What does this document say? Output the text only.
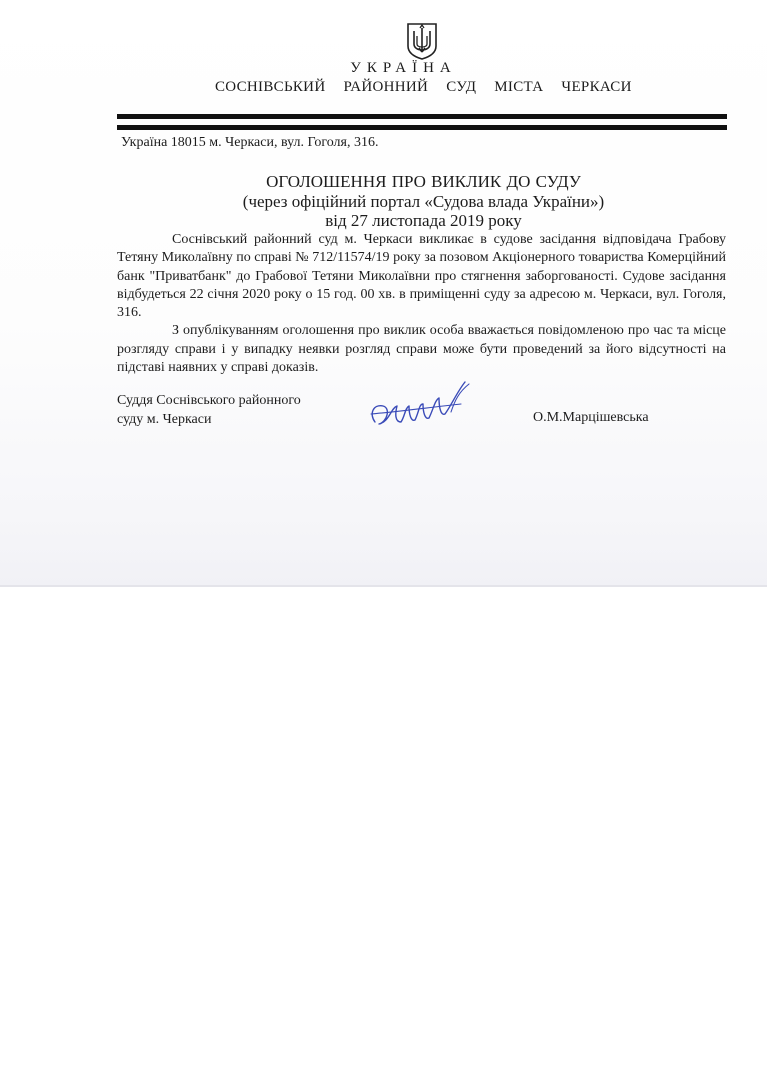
УКРАЇНА
СОСНІВСЬКИЙ РАЙОННИЙ СУД МІСТА ЧЕРКАСИ
Україна 18015 м. Черкаси, вул. Гоголя, 316.
ОГОЛОШЕННЯ ПРО ВИКЛИК ДО СУДУ
(через офіційний портал «Судова влада України»)
від 27 листопада 2019 року

Соснівський районний суд м. Черкаси викликає в судове засідання відповідача Грабову Тетяну Миколаївну по справі № 712/11574/19 року за позовом Акціонерного товариства Комерційний банк "Приватбанк" до Грабової Тетяни Миколаївни про стягнення заборгованості. Судове засідання відбудеться 22 січня 2020 року о 15 год. 00 хв. в приміщенні суду за адресою м. Черкаси, вул. Гоголя, 316.

З опублікуванням оголошення про виклик особа вважається повідомленою про час та місце розгляду справи і у випадку неявки розгляд справи може бути проведений за його відсутності на підставі наявних у справі доказів.

Суддя Соснівського районного
суду м. Черкаси	О.М.Марцішевська
